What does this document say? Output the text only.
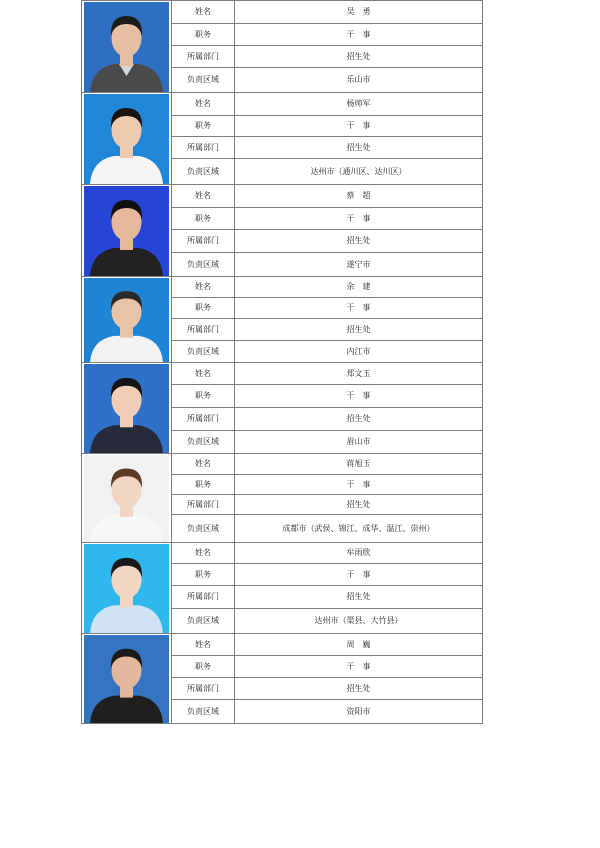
	姓名	吴　勇
	职务	干　事
	所属部门	招生处
	负责区域	乐山市

	姓名	杨帅军
	职务	干　事
	所属部门	招生处
	负责区域	达州市（通川区、达川区）

	姓名	蔡　超
	职务	干　事
	所属部门	招生处
	负责区域	遂宁市

	姓名	余　建
	职务	干　事
	所属部门	招生处
	负责区域	内江市

	姓名	郑文玉
	职务	干　事
	所属部门	招生处
	负责区域	眉山市

	姓名	蒋旭玉
	职务	干　事
	所属部门	招生处
	负责区域	成都市（武侯、锦江、成华、温江、崇州）

	姓名	牟雨欣
	职务	干　事
	所属部门	招生处
	负责区域	达州市（渠县、大竹县）

	姓名	周　巍
	职务	干　事
	所属部门	招生处
	负责区域	资阳市
